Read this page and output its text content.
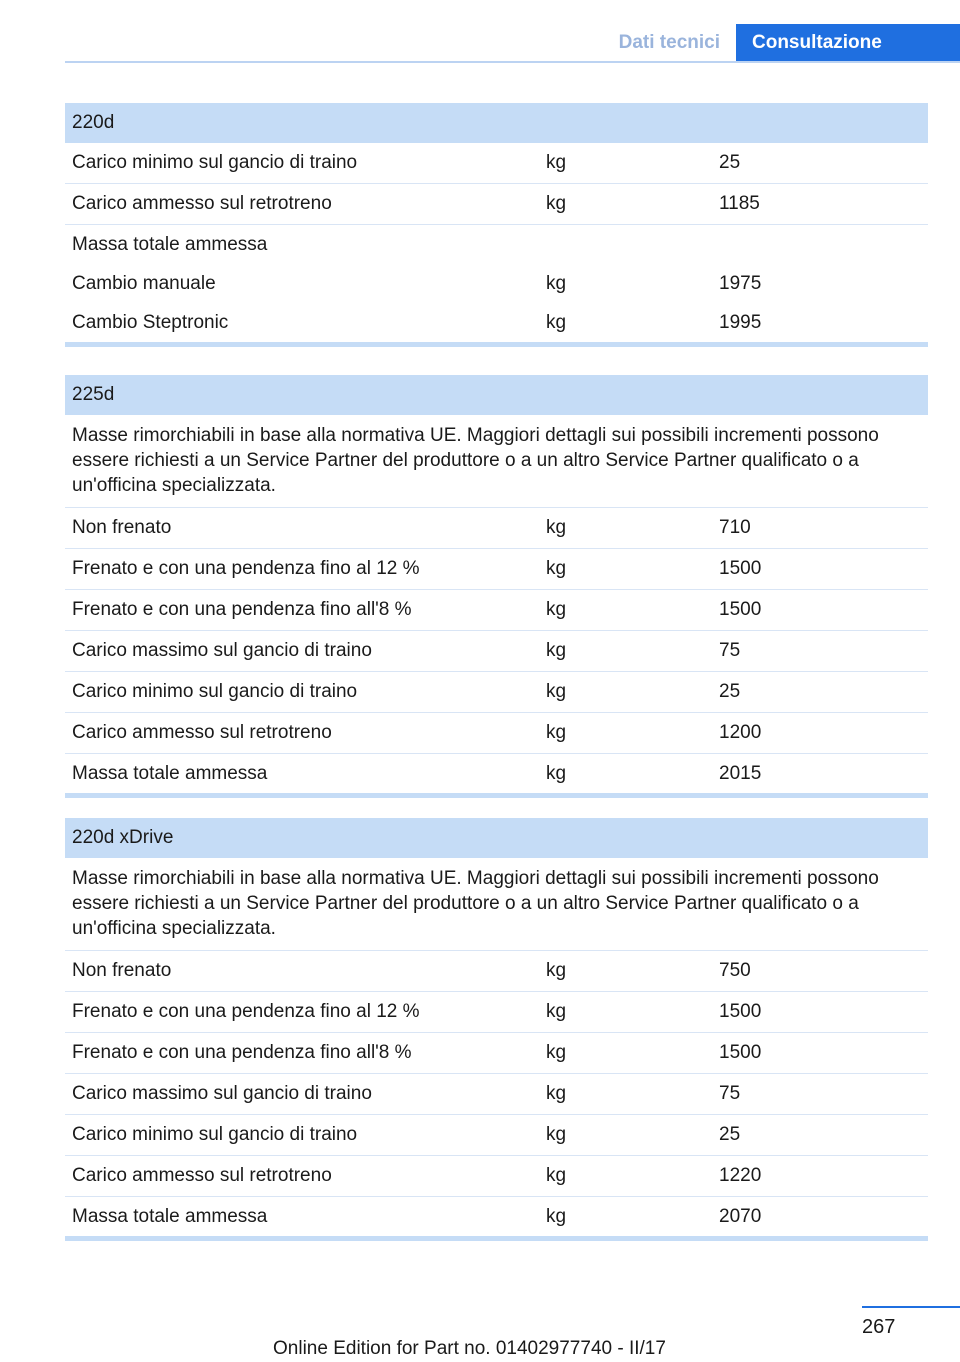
Dati tecnici	Consultazione
220d
Carico minimo sul gancio di traino	kg	25
Carico ammesso sul retrotreno	kg	1185
Massa totale ammessa
Cambio manuale	kg	1975
Cambio Steptronic	kg	1995
225d
Masse rimorchiabili in base alla normativa UE. Maggiori dettagli sui possibili incrementi possono essere richiesti a un Service Partner del produttore o a un altro Service Partner qualificato o a un'officina specializzata.
Non frenato	kg	710
Frenato e con una pendenza fino al 12 %	kg	1500
Frenato e con una pendenza fino all'8 %	kg	1500
Carico massimo sul gancio di traino	kg	75
Carico minimo sul gancio di traino	kg	25
Carico ammesso sul retrotreno	kg	1200
Massa totale ammessa	kg	2015
220d xDrive
Masse rimorchiabili in base alla normativa UE. Maggiori dettagli sui possibili incrementi possono essere richiesti a un Service Partner del produttore o a un altro Service Partner qualificato o a un'officina specializzata.
Non frenato	kg	750
Frenato e con una pendenza fino al 12 %	kg	1500
Frenato e con una pendenza fino all'8 %	kg	1500
Carico massimo sul gancio di traino	kg	75
Carico minimo sul gancio di traino	kg	25
Carico ammesso sul retrotreno	kg	1220
Massa totale ammessa	kg	2070
267
Online Edition for Part no. 01402977740 - II/17
